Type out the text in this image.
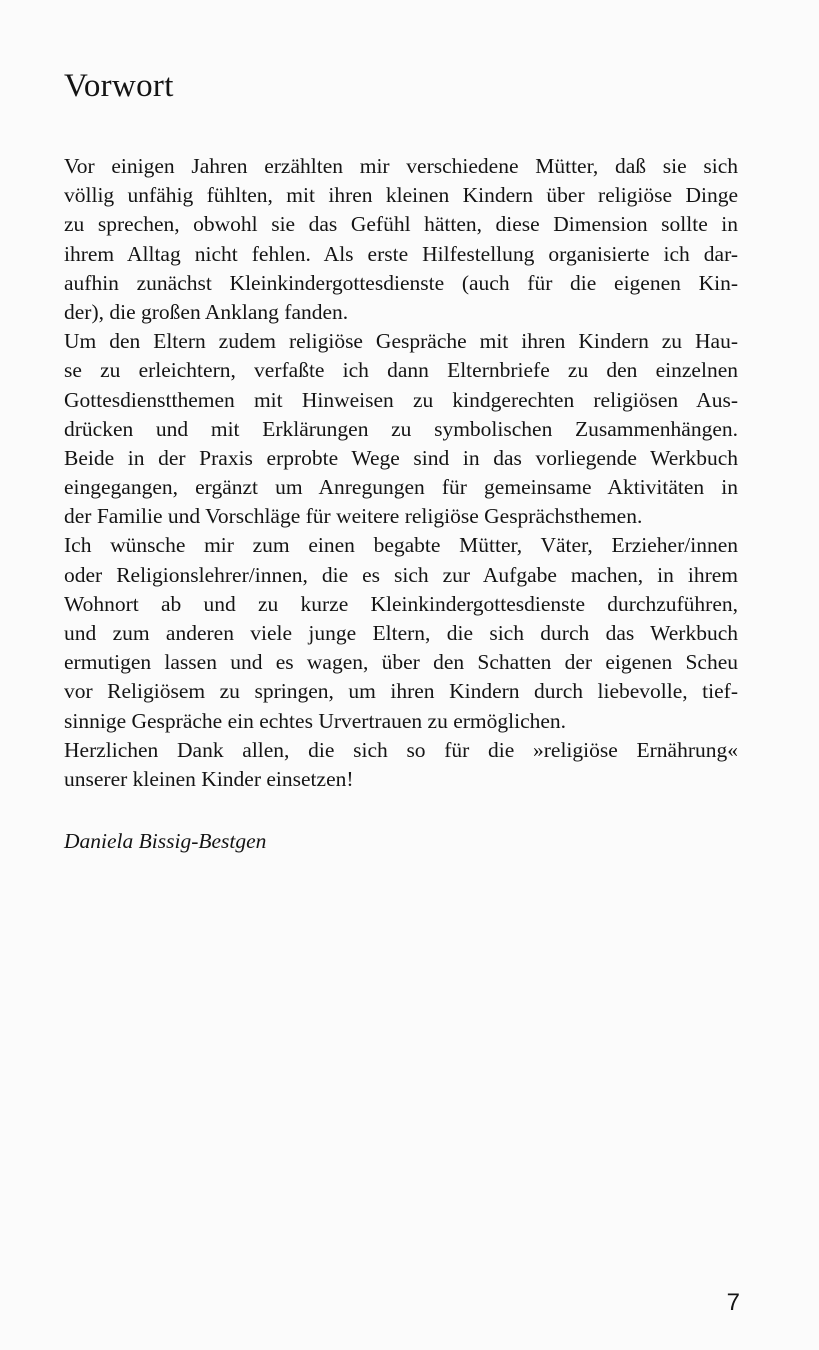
Vorwort
Vor einigen Jahren erzählten mir verschiedene Mütter, daß sie sich
völlig unfähig fühlten, mit ihren kleinen Kindern über religiöse Dinge
zu sprechen, obwohl sie das Gefühl hätten, diese Dimension sollte in
ihrem Alltag nicht fehlen. Als erste Hilfestellung organisierte ich dar-
aufhin zunächst Kleinkindergottesdienste (auch für die eigenen Kin-
der), die großen Anklang fanden.
Um den Eltern zudem religiöse Gespräche mit ihren Kindern zu Hau-
se zu erleichtern, verfaßte ich dann Elternbriefe zu den einzelnen
Gottesdienstthemen mit Hinweisen zu kindgerechten religiösen Aus-
drücken und mit Erklärungen zu symbolischen Zusammenhängen.
Beide in der Praxis erprobte Wege sind in das vorliegende Werkbuch
eingegangen, ergänzt um Anregungen für gemeinsame Aktivitäten in
der Familie und Vorschläge für weitere religiöse Gesprächsthemen.
Ich wünsche mir zum einen begabte Mütter, Väter, Erzieher/innen
oder Religionslehrer/innen, die es sich zur Aufgabe machen, in ihrem
Wohnort ab und zu kurze Kleinkindergottesdienste durchzuführen,
und zum anderen viele junge Eltern, die sich durch das Werkbuch
ermutigen lassen und es wagen, über den Schatten der eigenen Scheu
vor Religiösem zu springen, um ihren Kindern durch liebevolle, tief-
sinnige Gespräche ein echtes Urvertrauen zu ermöglichen.
Herzlichen Dank allen, die sich so für die »religiöse Ernährung«
unserer kleinen Kinder einsetzen!
Daniela Bissig-Bestgen
7
